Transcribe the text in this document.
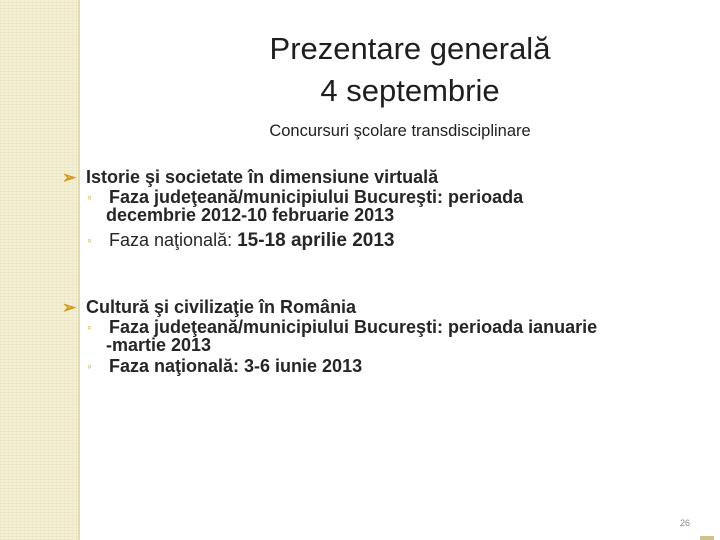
Prezentare generală
4 septembrie
Concursuri şcolare transdisciplinare
➢ Istorie şi societate în dimensiune virtuală
◦ Faza judeţeană/municipiului Bucureşti: perioada
decembrie 2012-10 februarie 2013
◦ Faza naţională: 15-18 aprilie 2013
➢ Cultură şi civilizaţie în România
◦ Faza judeţeană/municipiului Bucureşti: perioada ianuarie
-martie 2013
◦ Faza naţională: 3-6 iunie 2013
26
